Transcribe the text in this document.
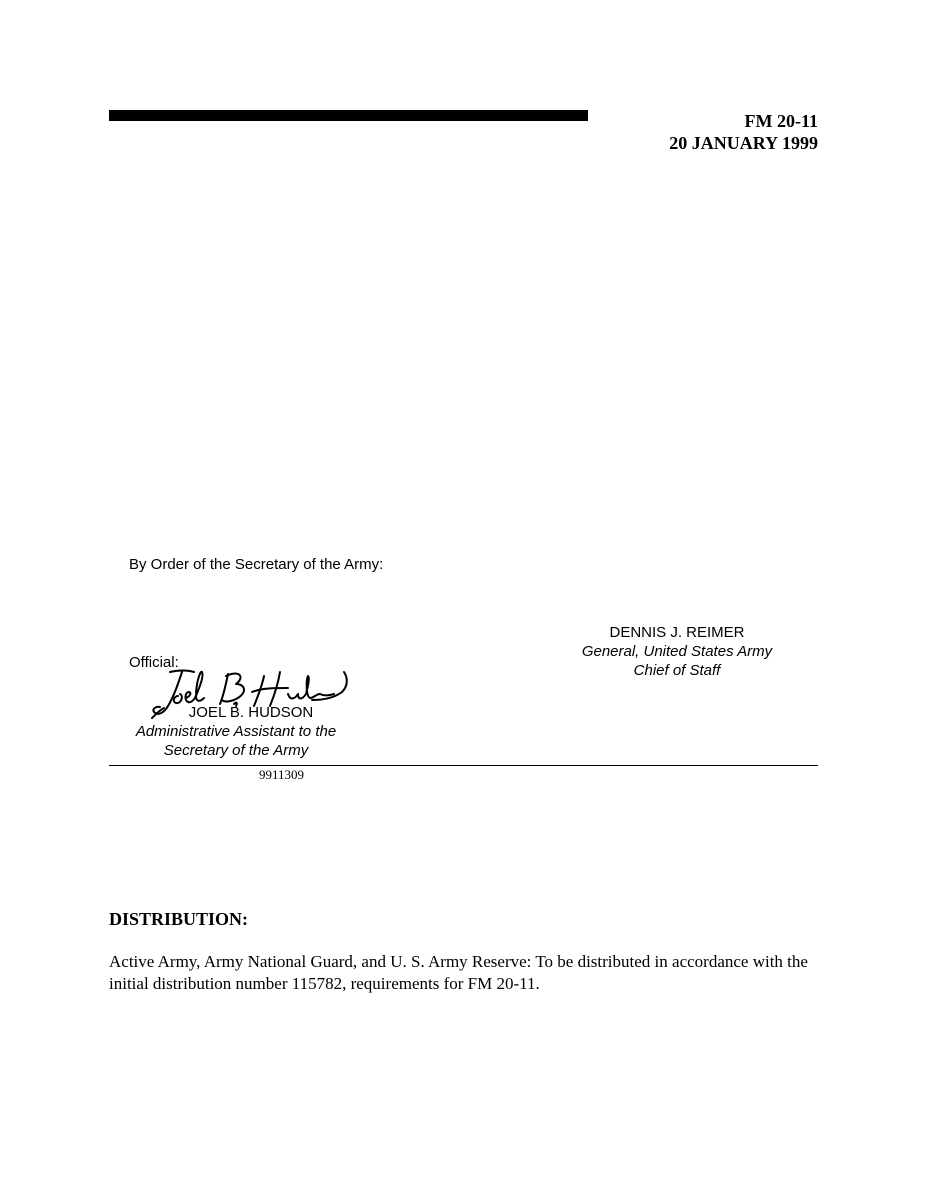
FM 20-11
20 JANUARY 1999
By Order of the Secretary of the Army:
DENNIS J. REIMER
General, United States Army
Chief of Staff
Official:
JOEL B. HUDSON
Administrative Assistant to the
Secretary of the Army
9911309
DISTRIBUTION:
Active Army, Army National Guard, and U. S. Army Reserve: To be distributed in accordance with the initial distribution number 115782, requirements for FM 20-11.
